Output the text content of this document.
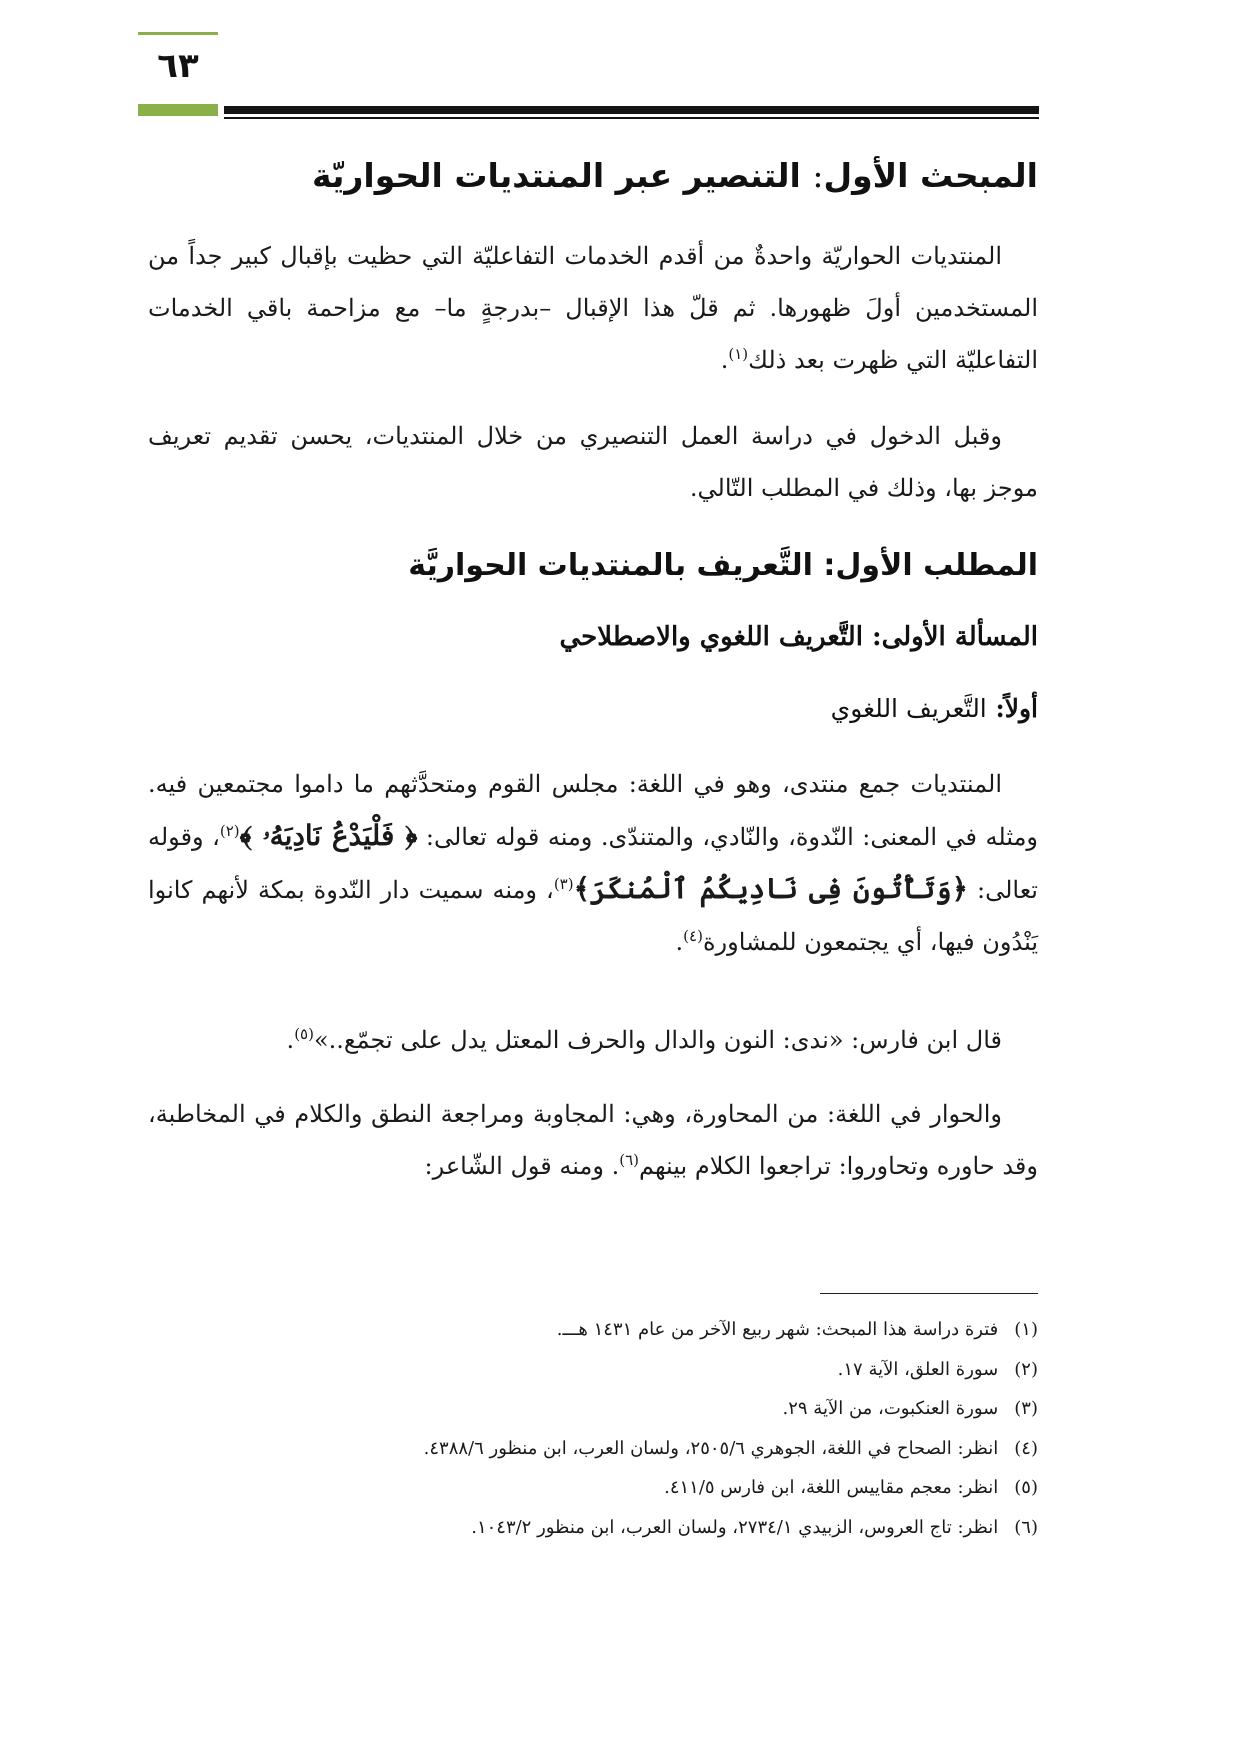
٦٣
المبحث الأول: التنصير عبر المنتديات الحواريّة
المنتديات الحواريّة واحدةٌ من أقدم الخدمات التفاعليّة التي حظيت بإقبال كبير جداً من المستخدمين أولَ ظهورها. ثم قلّ هذا الإقبال –بدرجةٍ ما– مع مزاحمة باقي الخدمات التفاعليّة التي ظهرت بعد ذلك$^{(١)}$.
وقبل الدخول في دراسة العمل التنصيري من خلال المنتديات، يحسن تقديم تعريف موجز بها، وذلك في المطلب التّالي.
المطلب الأول: التَّعريف بالمنتديات الحواريَّة
المسألة الأولى: التَّعريف اللغوي والاصطلاحي
أولاً: التَّعريف اللغوي
المنتديات جمع منتدى، وهو في اللغة: مجلس القوم ومتحدَّثهم ما داموا مجتمعين فيه. ومثله في المعنى: النّدوة، والنّادي، والمتندّى. ومنه قوله تعالى: ﴿ فَلْيَدْعُ نَادِيَهُۥ ﴾$^{(٢)}$، وقوله تعالى: ﴿وَتَأْتُونَ فِى نَادِيكُمُ ٱلْمُنكَرَ﴾$^{(٣)}$، ومنه سميت دار النّدوة بمكة لأنهم كانوا يَنْدُون فيها، أي يجتمعون للمشاورة$^{(٤)}$.
قال ابن فارس: «ندى: النون والدال والحرف المعتل يدل على تجمّع..»$^{(٥)}$.
والحوار في اللغة: من المحاورة، وهي: المجاوبة ومراجعة النطق والكلام في المخاطبة، وقد حاوره وتحاوروا: تراجعوا الكلام بينهم$^{(٦)}$. ومنه قول الشّاعر:
(١) فترة دراسة هذا المبحث: شهر ربيع الآخر من عام ١٤٣١ هـــ.
(٢) سورة العلق، الآية ١٧.
(٣) سورة العنكبوت، من الآية ٢٩.
(٤) انظر: الصحاح في اللغة، الجوهري ٢٥٠٥/٦، ولسان العرب، ابن منظور ٤٣٨٨/٦.
(٥) انظر: معجم مقاييس اللغة، ابن فارس ٤١١/٥.
(٦) انظر: تاج العروس، الزبيدي ٢٧٣٤/١، ولسان العرب، ابن منظور ١٠٤٣/٢.
